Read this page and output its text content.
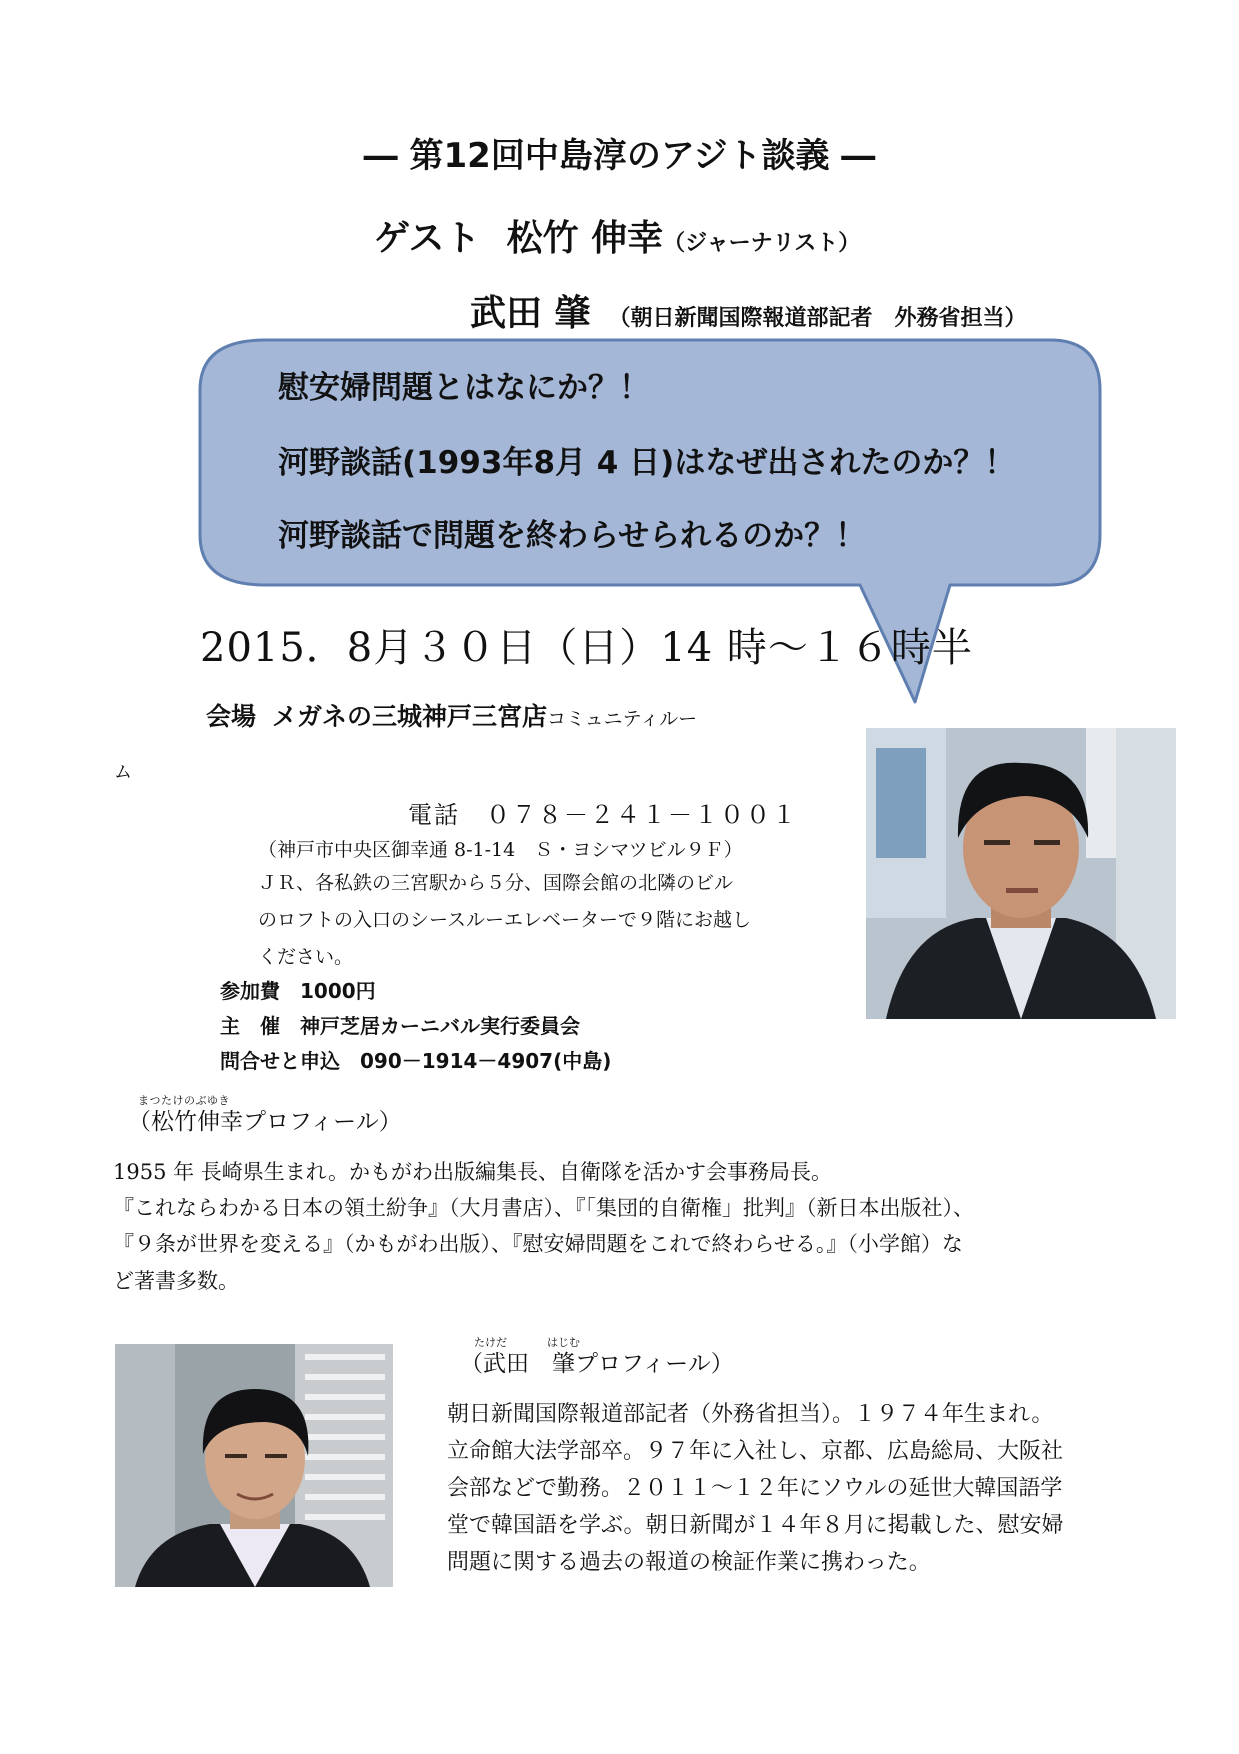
― 第12回中島淳のアジト談義 ―
ゲスト 松竹 伸幸（ジャーナリスト）
武田 肇 （朝日新聞国際報道部記者　外務省担当）
慰安婦問題とはなにか？！
河野談話(1993年8月 4 日)はなぜ出されたのか？！
河野談話で問題を終わらせられるのか？！
2015．8月３０日（日）14 時～１６時半
会場 メガネの三城神戸三宮店コミュニティルー
ム
電話　０７８－２４１－１００１
（神戸市中央区御幸通 8-1-14　Ｓ・ヨシマツビル９Ｆ）
ＪＲ、各私鉄の三宮駅から５分、国際会館の北隣のビル
のロフトの入口のシースルーエレベーターで９階にお越し
ください。
参加費　1000円
主　催　神戸芝居カーニバル実行委員会
問合せと申込　090－1914－4907(中島)
まつたけのぶゆき
（松竹伸幸プロフィール）
1955 年 長崎県生まれ。かもがわ出版編集長、自衛隊を活かす会事務局長。
『これならわかる日本の領土紛争』（大月書店）、『「集団的自衛権」批判』（新日本出版社）、
『９条が世界を変える』（かもがわ出版）、『慰安婦問題をこれで終わらせる。』（小学館）な
ど著書多数。
たけだ	はじむ
（武田　肇プロフィール）
朝日新聞国際報道部記者（外務省担当）。１９７４年生まれ。
立命館大法学部卒。９７年に入社し、京都、広島総局、大阪社
会部などで勤務。２０１１～１２年にソウルの延世大韓国語学
堂で韓国語を学ぶ。朝日新聞が１４年８月に掲載した、慰安婦
問題に関する過去の報道の検証作業に携わった。
